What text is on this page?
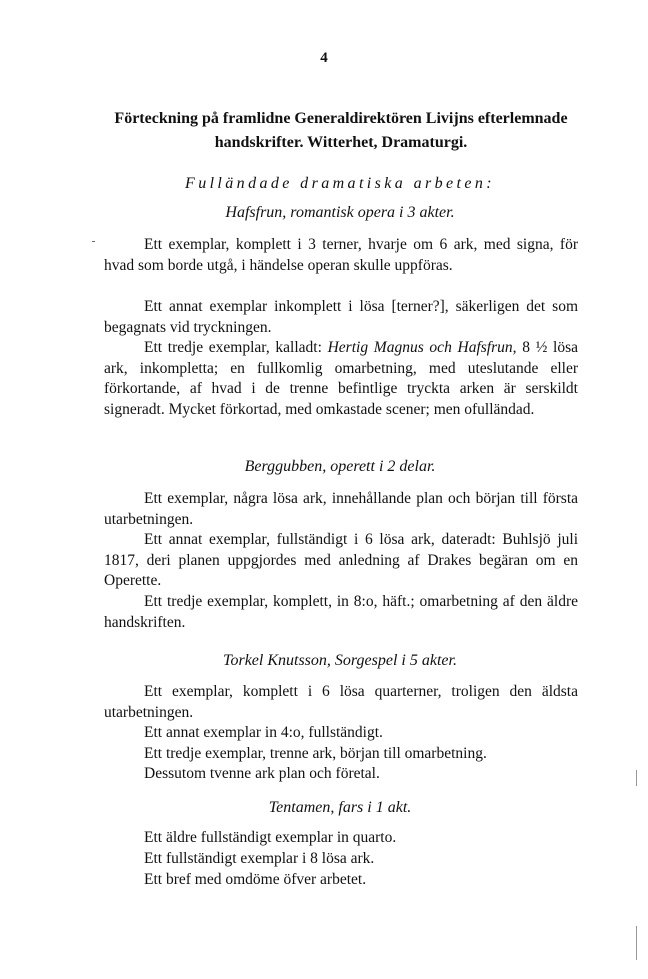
4
Förteckning på framlidne Generaldirektören Livijns efterlemnade handskrifter. Witterhet, Dramaturgi.
Fulländade dramatiska arbeten:
Hafsfrun, romantisk opera i 3 akter.
Ett exemplar, komplett i 3 terner, hvarje om 6 ark, med signa, för hvad som borde utgå, i händelse operan skulle uppföras.
Ett annat exemplar inkomplett i lösa [terner?], säkerligen det som begagnats vid tryckningen.
Ett tredje exemplar, kalladt: Hertig Magnus och Hafsfrun, 8 ½ lösa ark, inkompletta; en fullkomlig omarbetning, med uteslutande eller förkortande, af hvad i de trenne befintlige tryckta arken är serskildt signeradt. Mycket förkortad, med omkastade scener; men ofulländad.
Berggubben, operett i 2 delar.
Ett exemplar, några lösa ark, innehållande plan och början till första utarbetningen.
Ett annat exemplar, fullständigt i 6 lösa ark, dateradt: Buhlsjö juli 1817, deri planen uppgjordes med anledning af Drakes begäran om en Operette.
Ett tredje exemplar, komplett, in 8:o, häft.; omarbetning af den äldre handskriften.
Torkel Knutsson, Sorgespel i 5 akter.
Ett exemplar, komplett i 6 lösa quarterner, troligen den äldsta utarbetningen.
Ett annat exemplar in 4:o, fullständigt.
Ett tredje exemplar, trenne ark, början till omarbetning.
Dessutom tvenne ark plan och företal.
Tentamen, fars i 1 akt.
Ett äldre fullständigt exemplar in quarto.
Ett fullständigt exemplar i 8 lösa ark.
Ett bref med omdöme öfver arbetet.
